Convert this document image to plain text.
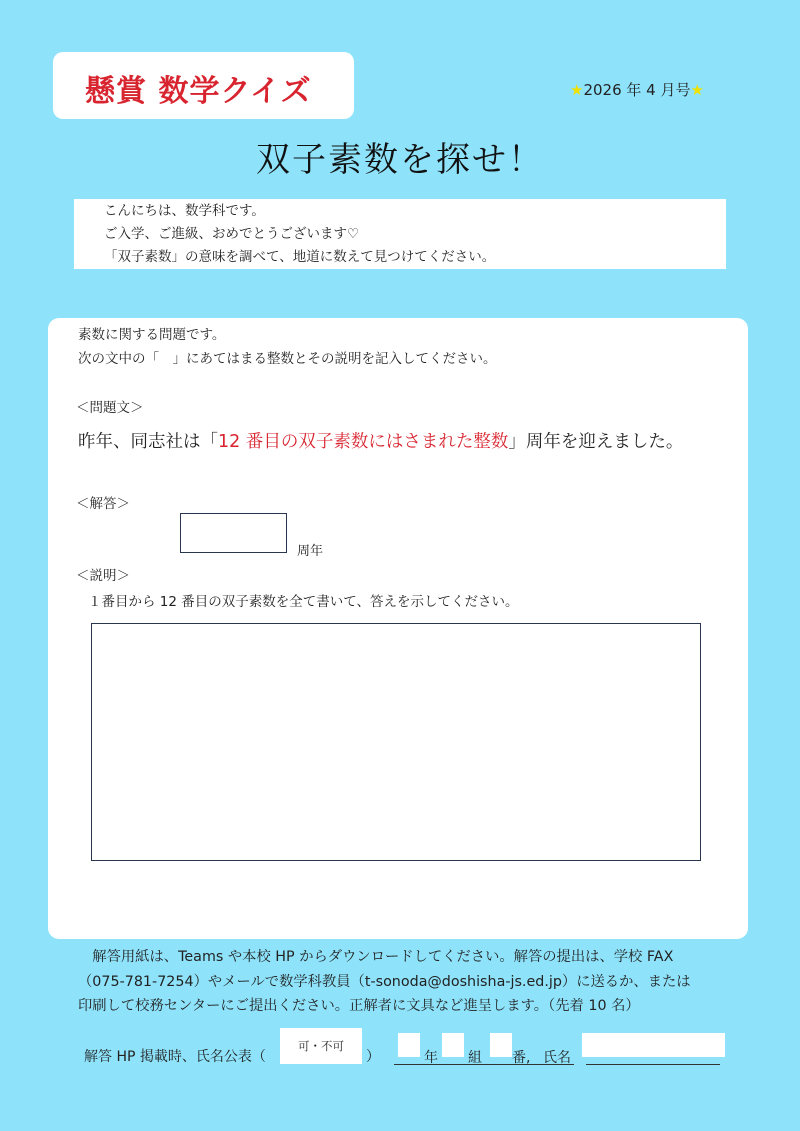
懸賞 数学クイズ	★2026 年 4 月号★
双子素数を探せ！
こんにちは、数学科です。
ご入学、ご進級、おめでとうございます♡
「双子素数」の意味を調べて、地道に数えて見つけてください。
素数に関する問題です。
次の文中の「　」にあてはまる整数とその説明を記入してください。
＜問題文＞
昨年、同志社は「12 番目の双子素数にはさまれた整数」周年を迎えました。
＜解答＞
周年
＜説明＞
１番目から 12 番目の双子素数を全て書いて、答えを示してください。
　解答用紙は、Teams や本校 HP からダウンロードしてください。解答の提出は、学校 FAX
（075-781-7254）やメールで数学科教員（t-sonoda@doshisha-js.ed.jp）に送るか、または
印刷して校務センターにご提出ください。正解者に文具など進呈します。（先着 10 名）
解答 HP 掲載時、氏名公表（
可・不可
）	年 組 番, 氏名
